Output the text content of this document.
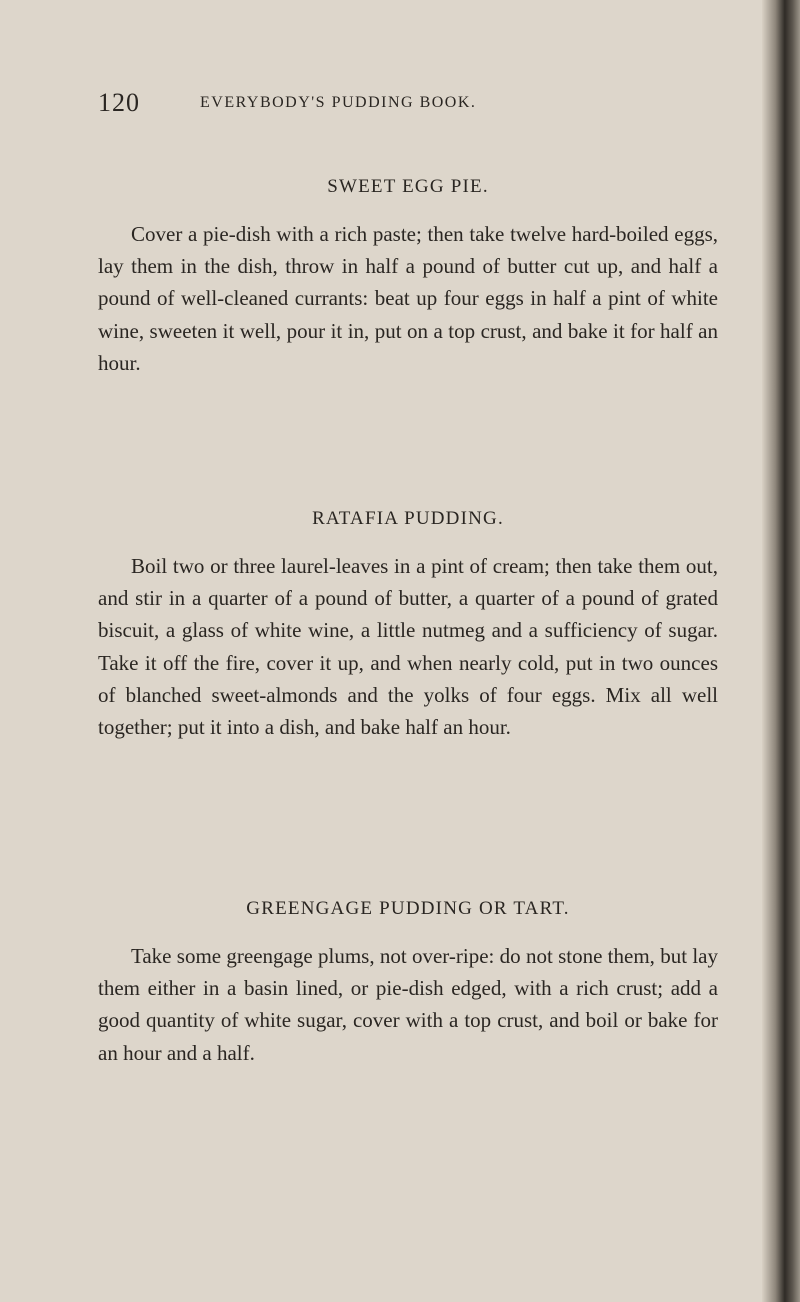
120	EVERYBODY'S PUDDING BOOK.
SWEET EGG PIE.

Cover a pie-dish with a rich paste; then take twelve hard-boiled eggs, lay them in the dish, throw in half a pound of butter cut up, and half a pound of well-cleaned currants: beat up four eggs in half a pint of white wine, sweeten it well, pour it in, put on a top crust, and bake it for half an hour.

RATAFIA PUDDING.

Boil two or three laurel-leaves in a pint of cream; then take them out, and stir in a quarter of a pound of butter, a quarter of a pound of grated biscuit, a glass of white wine, a little nutmeg and a sufficiency of sugar. Take it off the fire, cover it up, and when nearly cold, put in two ounces of blanched sweet-almonds and the yolks of four eggs. Mix all well together; put it into a dish, and bake half an hour.

GREENGAGE PUDDING OR TART.

Take some greengage plums, not over-ripe: do not stone them, but lay them either in a basin lined, or pie-dish edged, with a rich crust; add a good quantity of white sugar, cover with a top crust, and boil or bake for an hour and a half.
